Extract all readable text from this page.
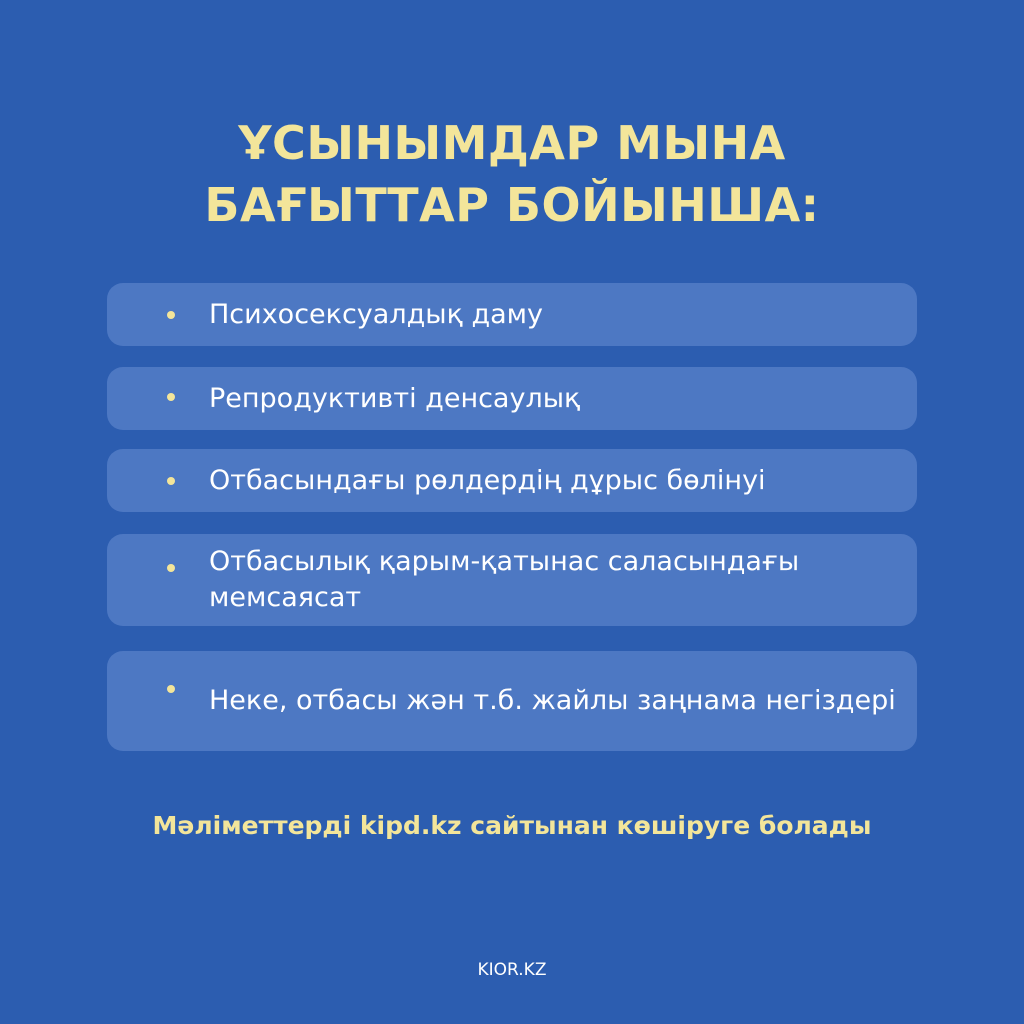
ҰСЫНЫМДАР МЫНА
БАҒЫТТАР БОЙЫНША:
Психосексуалдық даму
Репродуктивті денсаулық
Отбасындағы рөлдердің дұрыс бөлінуі
Отбасылық қарым-қатынас саласындағы мемсаясат
Неке, отбасы жән т.б. жайлы заңнама негіздері

Мәліметтерді kipd.kz сайтынан көшіруге болады

KIOR.KZ
